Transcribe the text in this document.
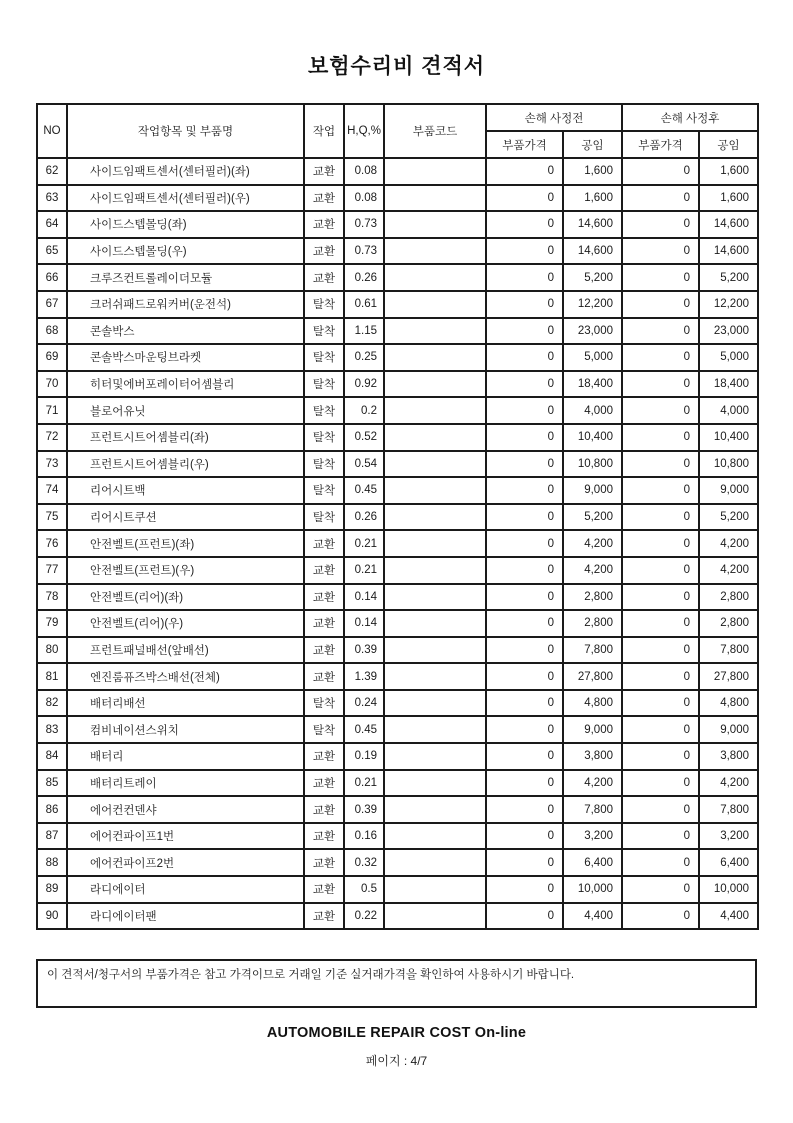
보험수리비 견적서
NO	작업항목 및 부품명	작업	H,Q,%	부품코드	손해 사정전		손해 사정후	
					부품가격	공임	부품가격	공임
62	사이드임팩트센서(센터필러)(좌)	교환	0.08		0	1,600	0	1,600
63	사이드임팩트센서(센터필러)(우)	교환	0.08		0	1,600	0	1,600
64	사이드스텝몰딩(좌)	교환	0.73		0	14,600	0	14,600
65	사이드스텝몰딩(우)	교환	0.73		0	14,600	0	14,600
66	크루즈컨트롤레이더모듈	교환	0.26		0	5,200	0	5,200
67	크러쉬패드로워커버(운전석)	탈착	0.61		0	12,200	0	12,200
68	콘솔박스	탈착	1.15		0	23,000	0	23,000
69	콘솔박스마운팅브라켓	탈착	0.25		0	5,000	0	5,000
70	히터및에버포레이터어셈블리	탈착	0.92		0	18,400	0	18,400
71	블로어유닛	탈착	0.2		0	4,000	0	4,000
72	프런트시트어셈블리(좌)	탈착	0.52		0	10,400	0	10,400
73	프런트시트어셈블리(우)	탈착	0.54		0	10,800	0	10,800
74	리어시트백	탈착	0.45		0	9,000	0	9,000
75	리어시트쿠션	탈착	0.26		0	5,200	0	5,200
76	안전벨트(프런트)(좌)	교환	0.21		0	4,200	0	4,200
77	안전벨트(프런트)(우)	교환	0.21		0	4,200	0	4,200
78	안전벨트(리어)(좌)	교환	0.14		0	2,800	0	2,800
79	안전벨트(리어)(우)	교환	0.14		0	2,800	0	2,800
80	프런트패널배선(앞배선)	교환	0.39		0	7,800	0	7,800
81	엔진룸퓨즈박스배선(전체)	교환	1.39		0	27,800	0	27,800
82	배터리배선	탈착	0.24		0	4,800	0	4,800
83	컴비네이션스위치	탈착	0.45		0	9,000	0	9,000
84	배터리	교환	0.19		0	3,800	0	3,800
85	배터리트레이	교환	0.21		0	4,200	0	4,200
86	에어컨컨덴샤	교환	0.39		0	7,800	0	7,800
87	에어컨파이프1번	교환	0.16		0	3,200	0	3,200
88	에어컨파이프2번	교환	0.32		0	6,400	0	6,400
89	라디에이터	교환	0.5		0	10,000	0	10,000
90	라디에이터팬	교환	0.22		0	4,400	0	4,400
이 견적서/청구서의 부품가격은 참고 가격이므로 거래일 기준 실거래가격을 확인하여 사용하시기 바랍니다.
AUTOMOBILE REPAIR COST On-line
페이지 : 4/7
